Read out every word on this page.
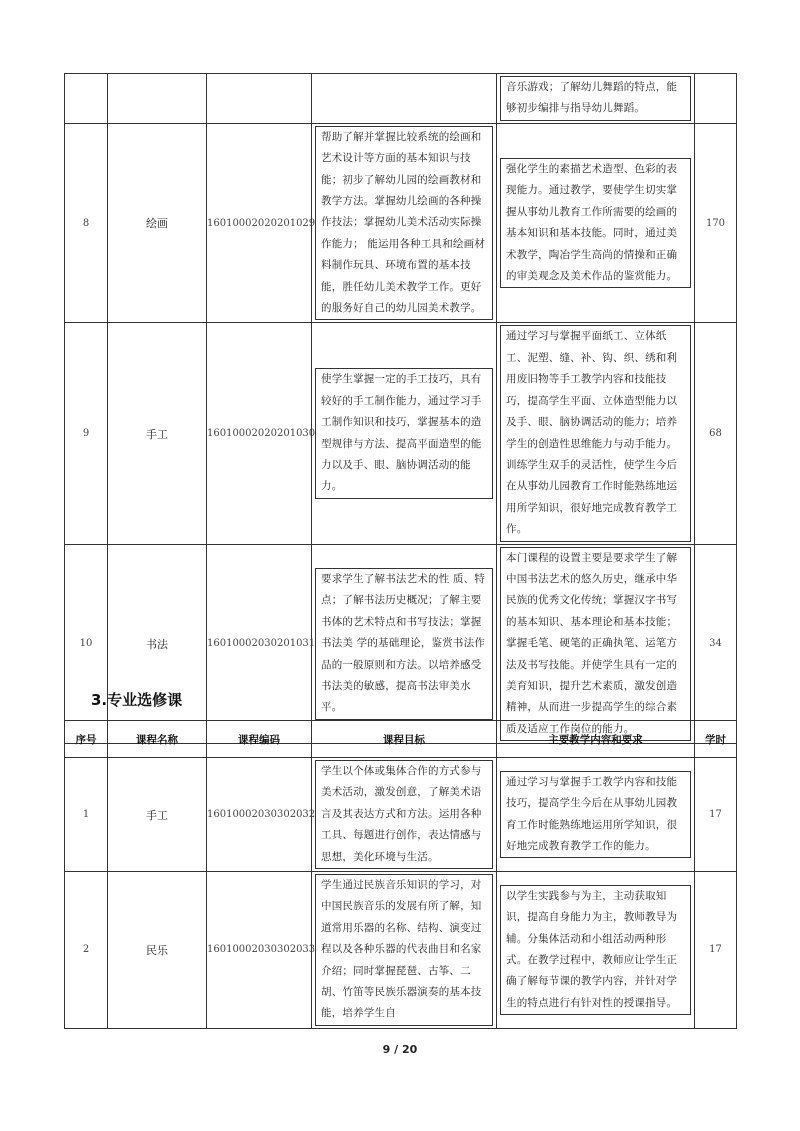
				音乐游戏；了解幼儿舞蹈的特点，能够初步编排与指导幼儿舞蹈。	

8	绘画	16010002020201029	帮助了解并掌握比较系统的绘画和艺术设计等方面的基本知识与技能；初步了解幼儿园的绘画教材和教学方法。掌握幼儿绘画的各种操作技法；掌握幼儿美术活动实际操作能力； 能运用各种工具和绘画材料制作玩具、环境布置的基本技能，胜任幼儿美术教学工作。更好的服务好自己的幼儿园美术教学。	强化学生的素描艺术造型、色彩的表现能力。通过教学，要使学生切实掌握从事幼儿教育工作所需要的绘画的基本知识和基本技能。同时，通过美术教学，陶冶学生高尚的情操和正确的审美观念及美术作品的鉴赏能力。	170
9	手工	16010002020201030	使学生掌握一定的手工技巧，具有较好的手工制作能力，通过学习手工制作知识和技巧，掌握基本的造型规律与方法、提高平面造型的能力以及手、眼、脑协调活动的能力。	通过学习与掌握平面纸工、立体纸工、泥塑、缝、补、钩、织、绣和利用废旧物等手工教学内容和技能技巧，提高学生平面、立体造型能力以及手、眼、脑协调活动的能力；培养学生的创造性思维能力与动手能力。训练学生双手的灵活性，使学生今后在从事幼儿园教育工作时能熟练地运用所学知识，很好地完成教育教学工作。	68
10	书法	16010002030201031	要求学生了解书法艺术的性 质、特点；了解书法历史概况；了解主要书体的艺术特点和书写技法；掌握书法美 学的基础理论，鉴赏书法作品的一般原则和方法。以培养感受书法美的敏感，提高书法审美水平。	本门课程的设置主要是要求学生了解中国书法艺术的悠久历史，继承中华民族的优秀文化传统；掌握汉字书写的基本知识、基本理论和基本技能；掌握毛笔、硬笔的正确执笔、运笔方法及书写技能。并使学生具有一定的美育知识，提升艺术素质，激发创造精神，从而进一步提高学生的综合素质及适应工作岗位的能力。	34
3.专业选修课
序号	课程名称	课程编码	课程目标	主要教学内容和要求	学时
1	手工	16010002030302032	学生以个体或集体合作的方式参与美术活动，激发创意，了解美术语言及其表达方式和方法。运用各种工具、每题进行创作，表达情感与思想，美化环境与生活。	通过学习与掌握手工教学内容和技能技巧，提高学生今后在从事幼儿园教育工作时能熟练地运用所学知识，很好地完成教育教学工作的能力。	17
2	民乐	16010002030302033	学生通过民族音乐知识的学习，对中国民族音乐的发展有所了解，知道常用乐器的名称、结构、演变过程以及各种乐器的代表曲目和名家介绍；同时掌握琵琶、古筝、二胡、竹笛等民族乐器演奏的基本技能，培养学生自	以学生实践参与为主，主动获取知识，提高自身能力为主，教师教导为辅。分集体活动和小组活动两种形式。在教学过程中，教师应让学生正确了解每节课的教学内容，并针对学生的特点进行有针对性的授课指导。	17
9 / 20
